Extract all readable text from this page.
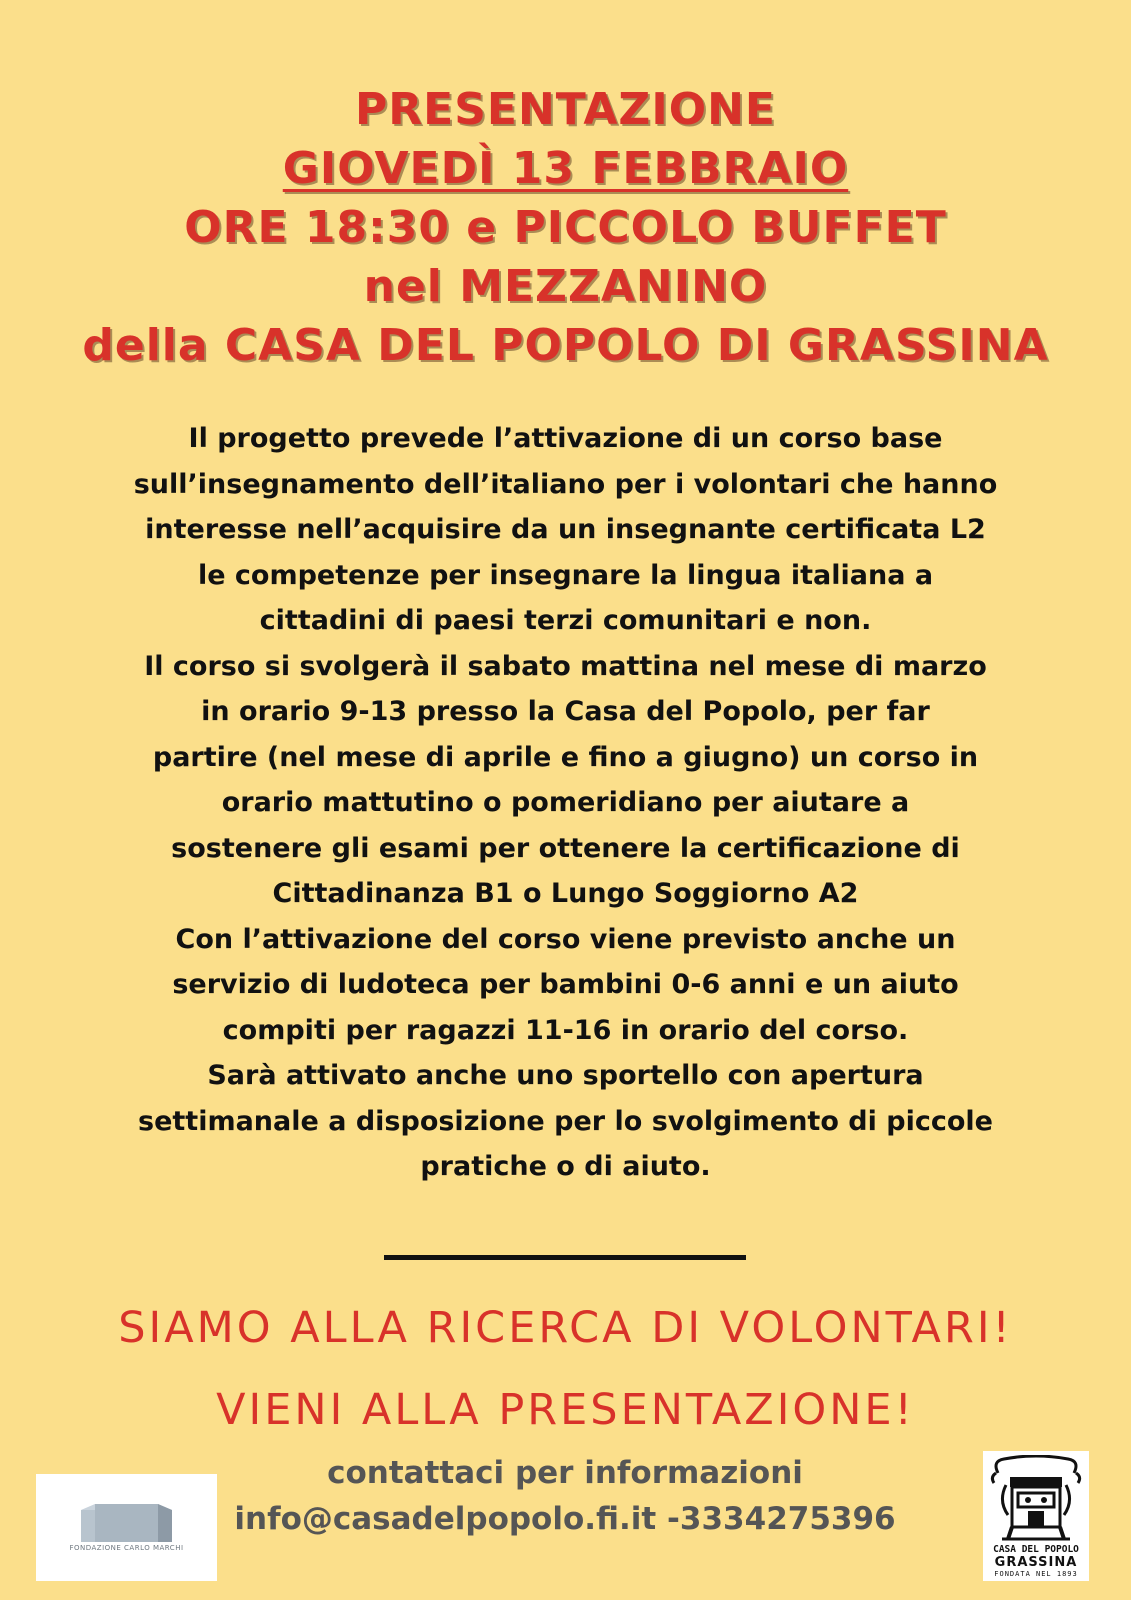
PRESENTAZIONE
GIOVEDÌ 13 FEBBRAIO
ORE 18:30 e PICCOLO BUFFET
nel MEZZANINO
della CASA DEL POPOLO DI GRASSINA
Il progetto prevede l’attivazione di un corso base
sull’insegnamento dell’italiano per i volontari che hanno
interesse nell’acquisire da un insegnante certificata L2
le competenze per insegnare la lingua italiana a
cittadini di paesi terzi comunitari e non.
Il corso si svolgerà il sabato mattina nel mese di marzo
in orario 9-13 presso la Casa del Popolo, per far
partire (nel mese di aprile e fino a giugno) un corso in
orario mattutino o pomeridiano per aiutare a
sostenere gli esami per ottenere la certificazione di
Cittadinanza B1 o Lungo Soggiorno A2
Con l’attivazione del corso viene previsto anche un
servizio di ludoteca per bambini 0-6 anni e un aiuto
compiti per ragazzi 11-16 in orario del corso.
Sarà attivato anche uno sportello con apertura
settimanale a disposizione per lo svolgimento di piccole
pratiche o di aiuto.
SIAMO ALLA RICERCA DI VOLONTARI!
VIENI ALLA PRESENTAZIONE!
contattaci per informazioni
info@casadelpopolo.fi.it -3334275396
FONDAZIONE CARLO MARCHI	CASA DEL POPOLO
GRASSINA
FONDATA NEL 1893
